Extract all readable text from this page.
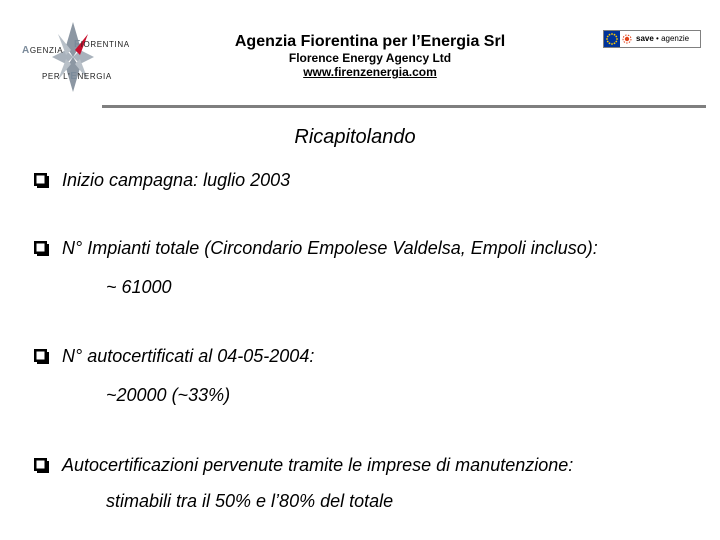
AGENZIA
FIORENTINA
PER L'ENERGIA
Agenzia Fiorentina per l’Energia Srl
Florence Energy Agency Ltd
www.firenzenergia.com
save • agenzie
Ricapitolando
Inizio campagna: luglio 2003
N° Impianti totale (Circondario Empolese Valdelsa, Empoli incluso):
~ 61000
N° autocertificati al 04-05-2004:
~20000 (~33%)
Autocertificazioni pervenute tramite le imprese di manutenzione:
stimabili tra il 50% e l’80% del totale
